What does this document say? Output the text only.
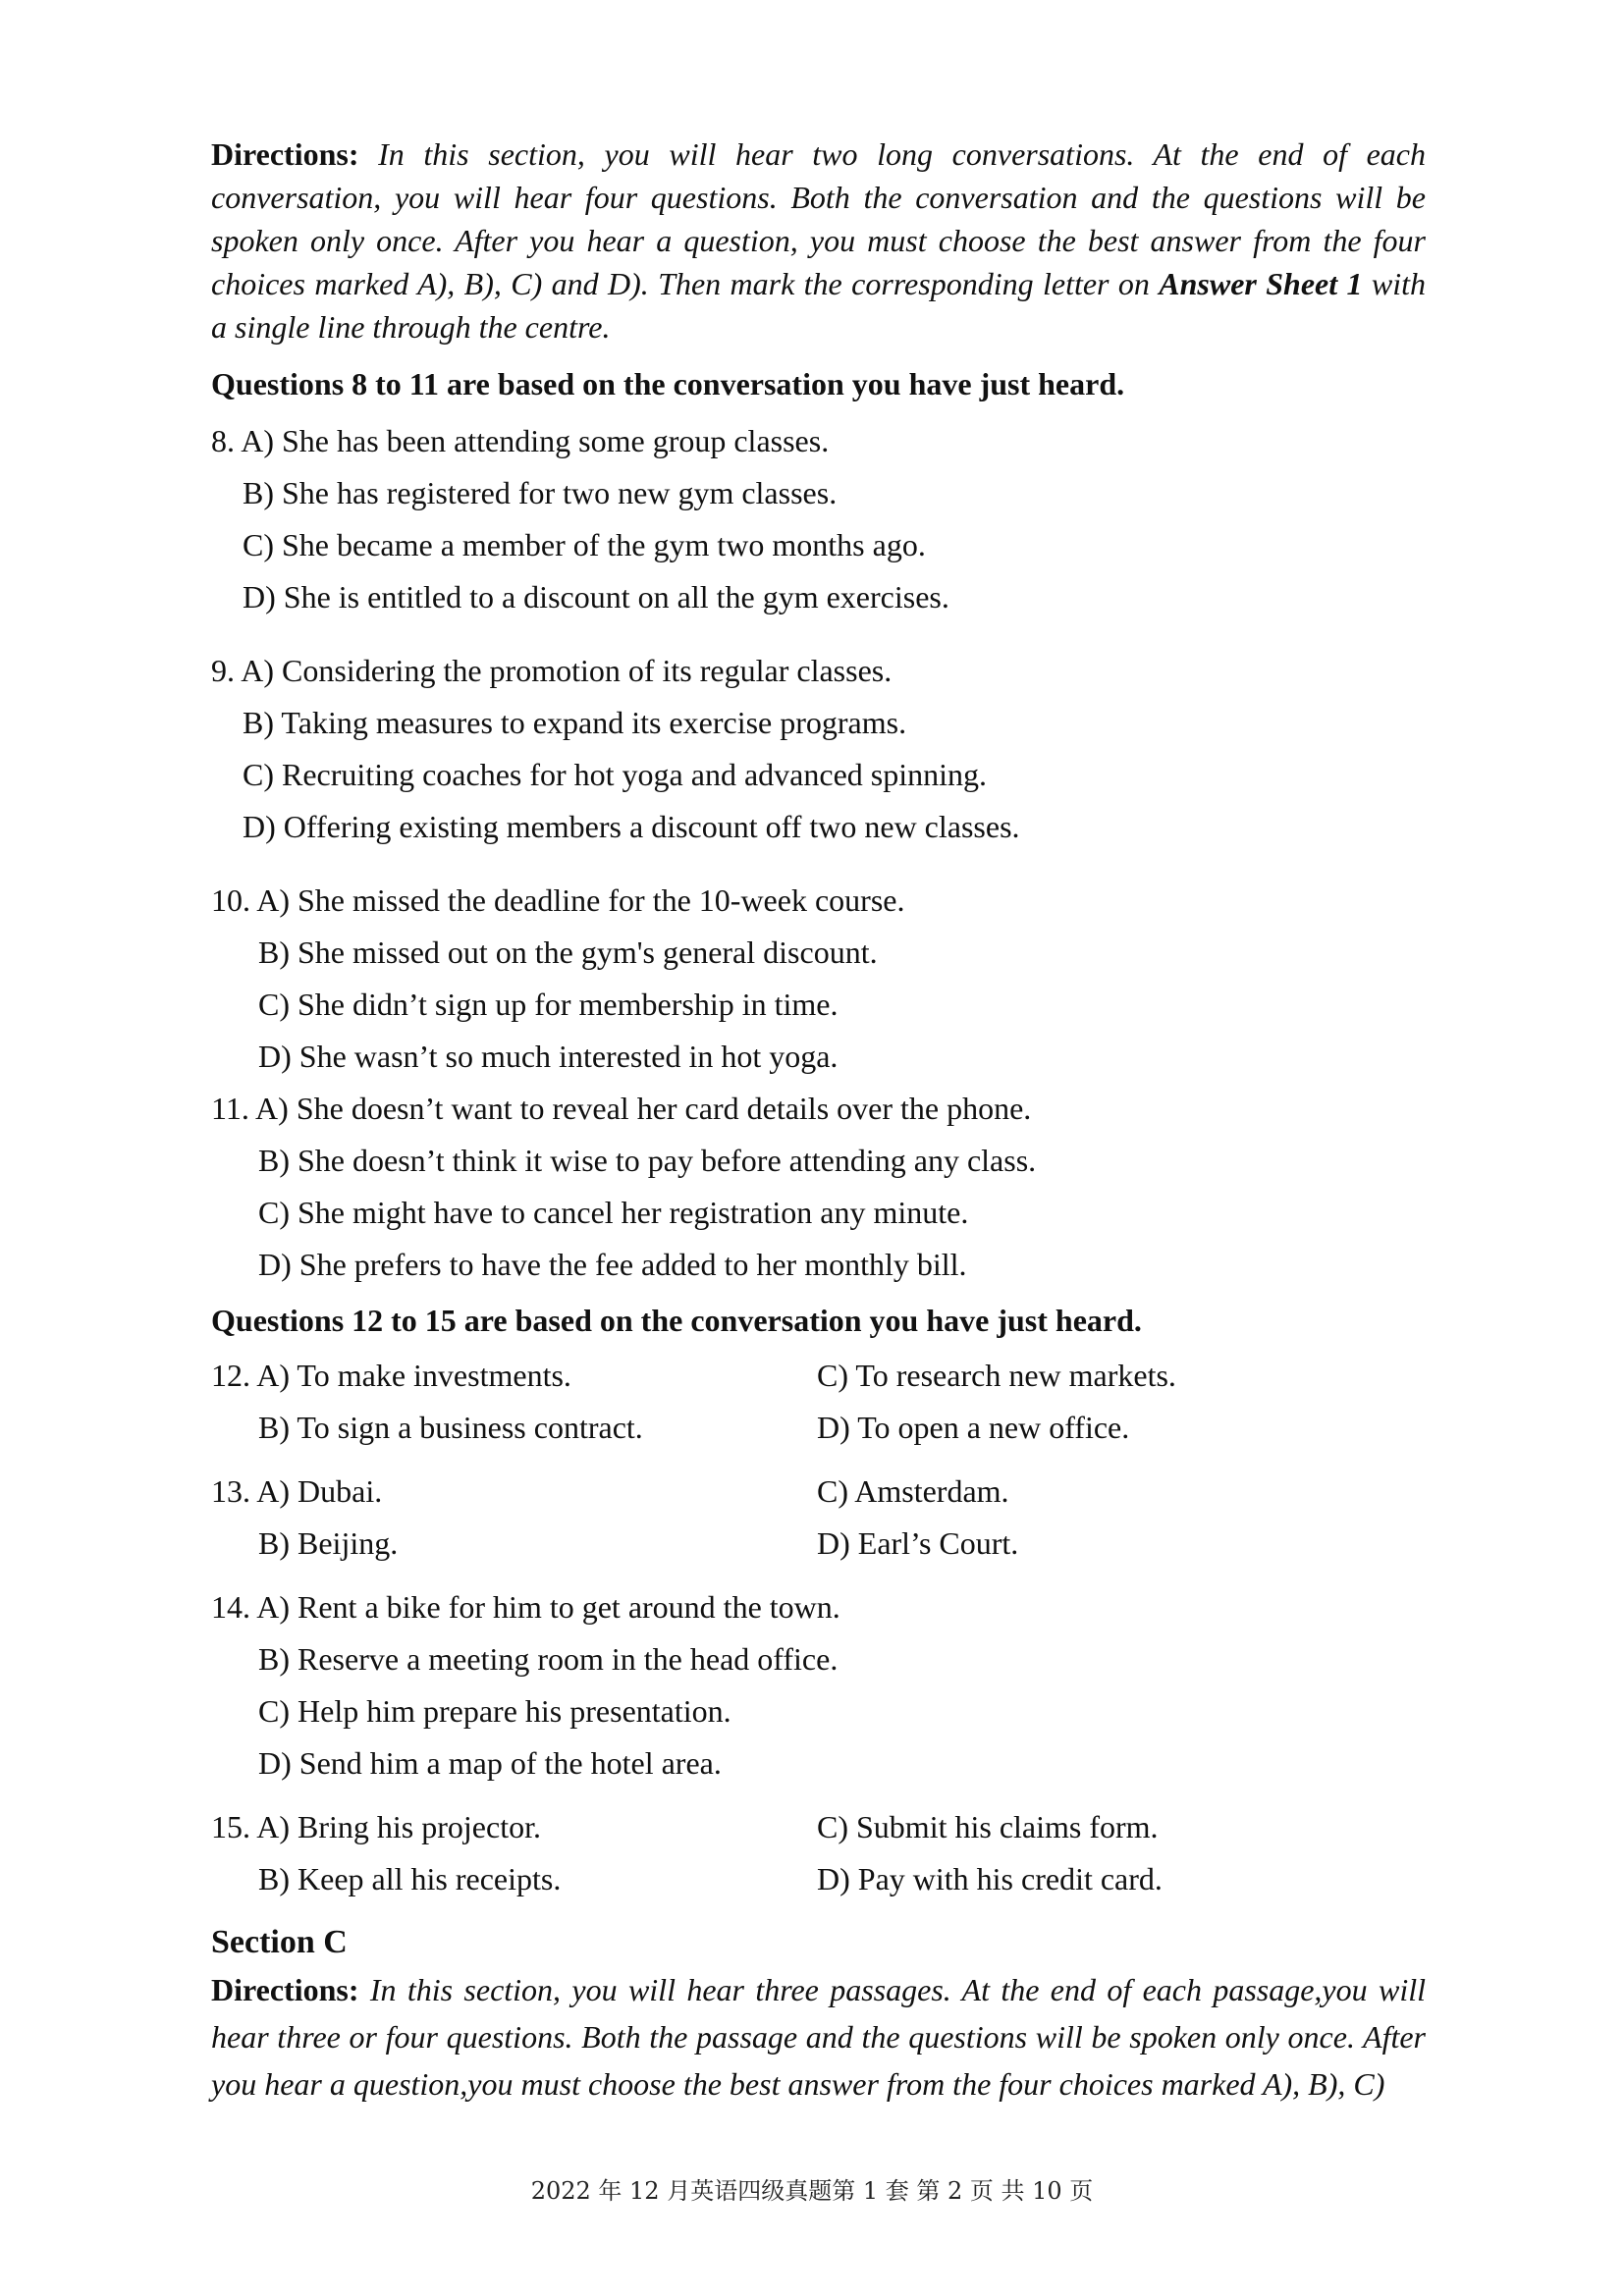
Directions: In this section, you will hear two long conversations. At the end of each conversation, you will hear four questions. Both the conversation and the questions will be spoken only once. After you hear a question, you must choose the best answer from the four choices marked A), B), C) and D). Then mark the corresponding letter on Answer Sheet 1 with a single line through the centre.

Questions 8 to 11 are based on the conversation you have just heard.

8. A) She has been attending some group classes.
B) She has registered for two new gym classes.
C) She became a member of the gym two months ago.
D) She is entitled to a discount on all the gym exercises.
9. A) Considering the promotion of its regular classes.
B) Taking measures to expand its exercise programs.
C) Recruiting coaches for hot yoga and advanced spinning.
D) Offering existing members a discount off two new classes.
10. A) She missed the deadline for the 10-week course.
B) She missed out on the gym's general discount.
C) She didn’t sign up for membership in time.
D) She wasn’t so much interested in hot yoga.
11. A) She doesn’t want to reveal her card details over the phone.
B) She doesn’t think it wise to pay before attending any class.
C) She might have to cancel her registration any minute.
D) She prefers to have the fee added to her monthly bill.

Questions 12 to 15 are based on the conversation you have just heard.

12. A) To make investments.	C) To research new markets.
B) To sign a business contract.	D) To open a new office.
13. A) Dubai.	C) Amsterdam.
B) Beijing.	D) Earl’s Court.
14. A) Rent a bike for him to get around the town.
B) Reserve a meeting room in the head office.
C) Help him prepare his presentation.
D) Send him a map of the hotel area.
15. A) Bring his projector.	C) Submit his claims form.
B) Keep all his receipts.	D) Pay with his credit card.

Section C

Directions: In this section, you will hear three passages. At the end of each passage,you will hear three or four questions. Both the passage and the questions will be spoken only once. After you hear a question,you must choose the best answer from the four choices marked A), B), C)

2022 年 12 月英语四级真题第 1 套 第 2 页 共 10 页
